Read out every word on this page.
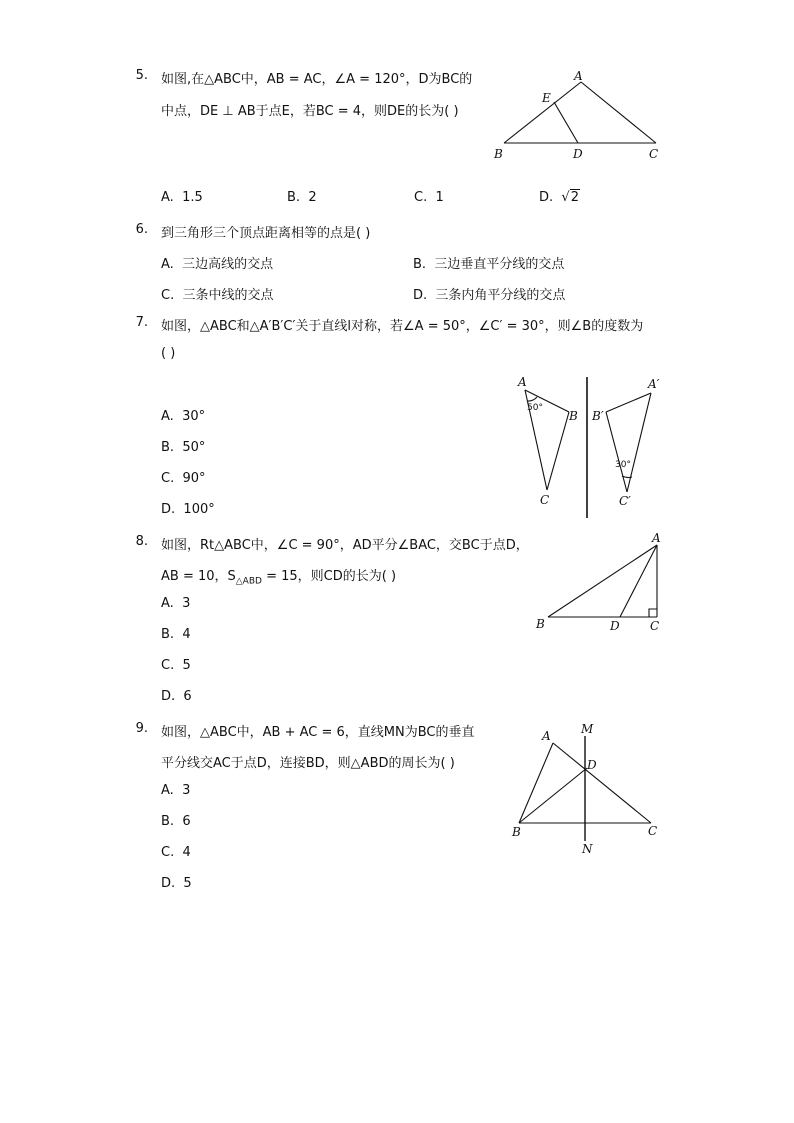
5. 如图,在△ABC中，AB = AC，∠A = 120°，D为BC的
中点，DE ⊥ AB于点E，若BC = 4，则DE的长为( )
A
E
B	D	C
A. 1.5	B. 2	C. 1	D. √2
6. 到三角形三个顶点距离相等的点是( )
A. 三边高线的交点	B. 三边垂直平分线的交点
C. 三条中线的交点	D. 三条内角平分线的交点
7. 如图，△ABC和△A′B′C′关于直线l对称，若∠A = 50°，∠C′ = 30°，则∠B的度数为
( )
A. 30°
B. 50°
C. 90°
D. 100°
A
B
C
A′
B′
C′
50°
30°
8. 如图，Rt△ABC中，∠C = 90°，AD平分∠BAC，交BC于点D，
AB = 10，$S_{\triangle ABD} = 15$，则CD的长为( )
A. 3
B. 4
C. 5
D. 6
A
B	D	C
9. 如图，△ABC中，AB + AC = 6，直线MN为BC的垂直
平分线交AC于点D，连接BD，则△ABD的周长为( )
A. 3
B. 6
C. 4
D. 5
M
A
D
B	C
N
